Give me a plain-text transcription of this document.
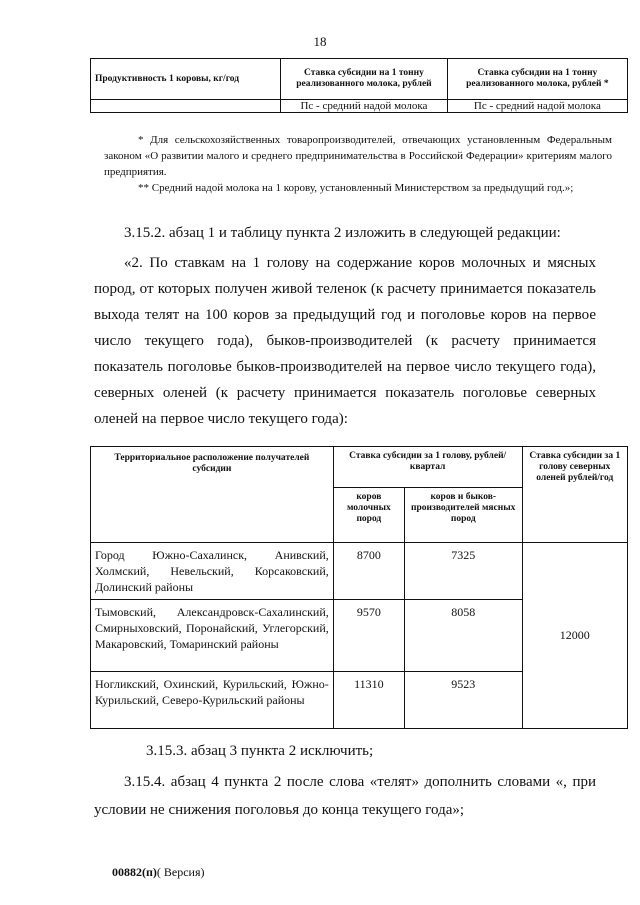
18
Продуктивность 1 коровы, кг/год	Ставка субсидии на 1 тонну реализованного молока, рублей	Ставка субсидии на 1 тонну реализованного молока, рублей *
	Пс - средний надой молока	Пс - средний надой молока
* Для сельскохозяйственных товаропроизводителей, отвечающих установленным Федеральным законом «О развитии малого и среднего предпринимательства в Российской Федерации» критериям малого предприятия.
** Средний надой молока на 1 корову, установленный Министерством за предыдущий год.»;
3.15.2. абзац 1 и таблицу пункта 2 изложить в следующей редакции:
«2. По ставкам на 1 голову на содержание коров молочных и мясных пород, от которых получен живой теленок (к расчету принимается показатель выхода телят на 100 коров за предыдущий год и поголовье коров на первое число текущего года), быков-производителей (к расчету принимается показатель поголовье быков-производителей на первое число текущего года), северных оленей (к расчету принимается показатель поголовье северных оленей на первое число текущего года):
Территориальное расположение получателей субсидии	Ставка субсидии за 1 голову, рублей/квартал		Ставка субсидии за 1 голову северных оленей рублей/год
	коров молочных пород	коров и быков-производителей мясных пород	
Город Южно-Сахалинск, Анивский, Холмский, Невельский, Корсаковский, Долинский районы	8700	7325	12000
Тымовский, Александровск-Сахалинский, Смирныховский, Поронайский, Углегорский, Макаровский, Томаринский районы	9570	8058	
Ногликский, Охинский, Курильский, Южно-Курильский, Северо-Курильский районы	11310	9523	
3.15.3. абзац 3 пункта 2 исключить;
3.15.4. абзац 4 пункта 2 после слова «телят» дополнить словами «, при условии не снижения поголовья до конца текущего года»;
00882(п)( Версия)
